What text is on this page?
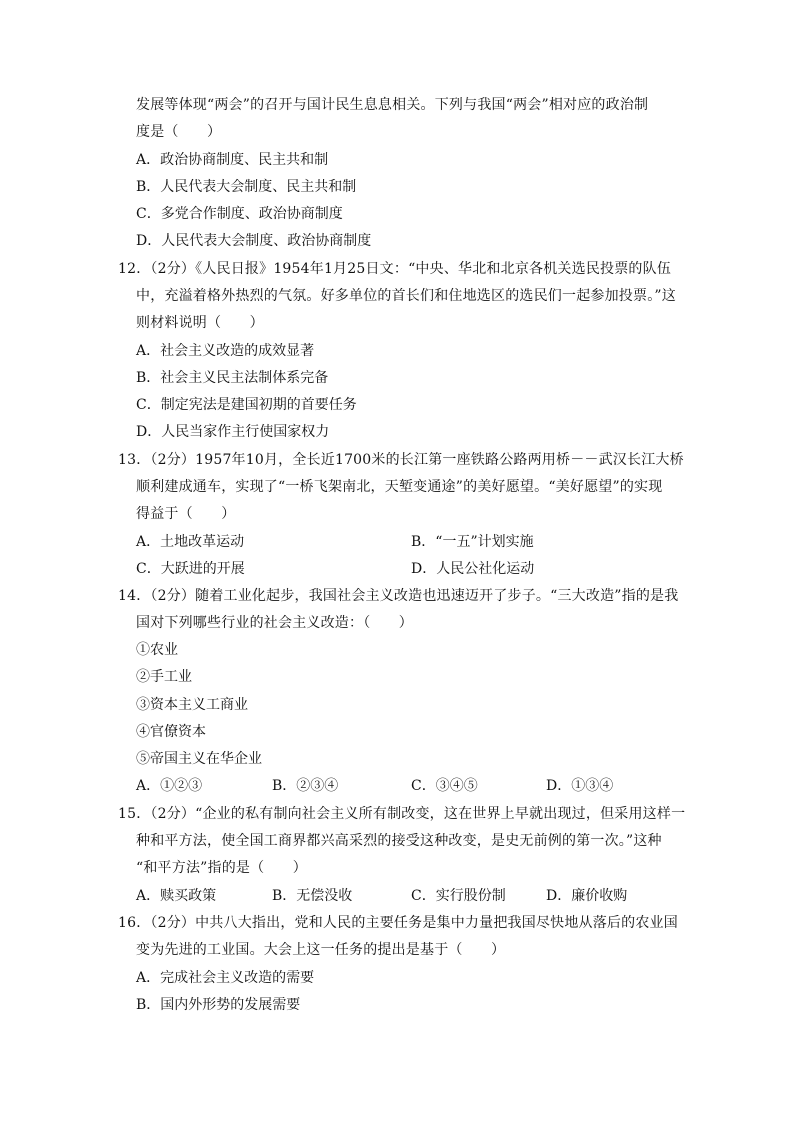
发展等体现“两会”的召开与国计民生息息相关。下列与我国“两会”相对应的政治制
度是（　　）
A．政治协商制度、民主共和制
B．人民代表大会制度、民主共和制
C．多党合作制度、政治协商制度
D．人民代表大会制度、政治协商制度
12．（2分）《人民日报》1954年1月25日文：“中央、华北和北京各机关选民投票的队伍
中，充溢着格外热烈的气氛。好多单位的首长们和住地选区的选民们一起参加投票。”这
则材料说明（　　）
A．社会主义改造的成效显著
B．社会主义民主法制体系完备
C．制定宪法是建国初期的首要任务
D．人民当家作主行使国家权力
13．（2分）1957年10月，全长近1700米的长江第一座铁路公路两用桥－－武汉长江大桥
顺利建成通车，实现了“一桥飞架南北，天堑变通途”的美好愿望。“美好愿望”的实现
得益于（　　）
A．土地改革运动	B．“一五”计划实施
C．大跃进的开展	D．人民公社化运动
14．（2分）随着工业化起步，我国社会主义改造也迅速迈开了步子。“三大改造”指的是我
国对下列哪些行业的社会主义改造：（　　）
①农业
②手工业
③资本主义工商业
④官僚资本
⑤帝国主义在华企业
A．①②③	B．②③④	C．③④⑤	D．①③④
15．（2分）“企业的私有制向社会主义所有制改变，这在世界上早就出现过，但采用这样一
种和平方法，使全国工商界都兴高采烈的接受这种改变，是史无前例的第一次。”这种
“和平方法”指的是（　　）
A．赎买政策	B．无偿没收	C．实行股份制	D．廉价收购
16．（2分）中共八大指出，党和人民的主要任务是集中力量把我国尽快地从落后的农业国
变为先进的工业国。大会上这一任务的提出是基于（　　）
A．完成社会主义改造的需要
B．国内外形势的发展需要
